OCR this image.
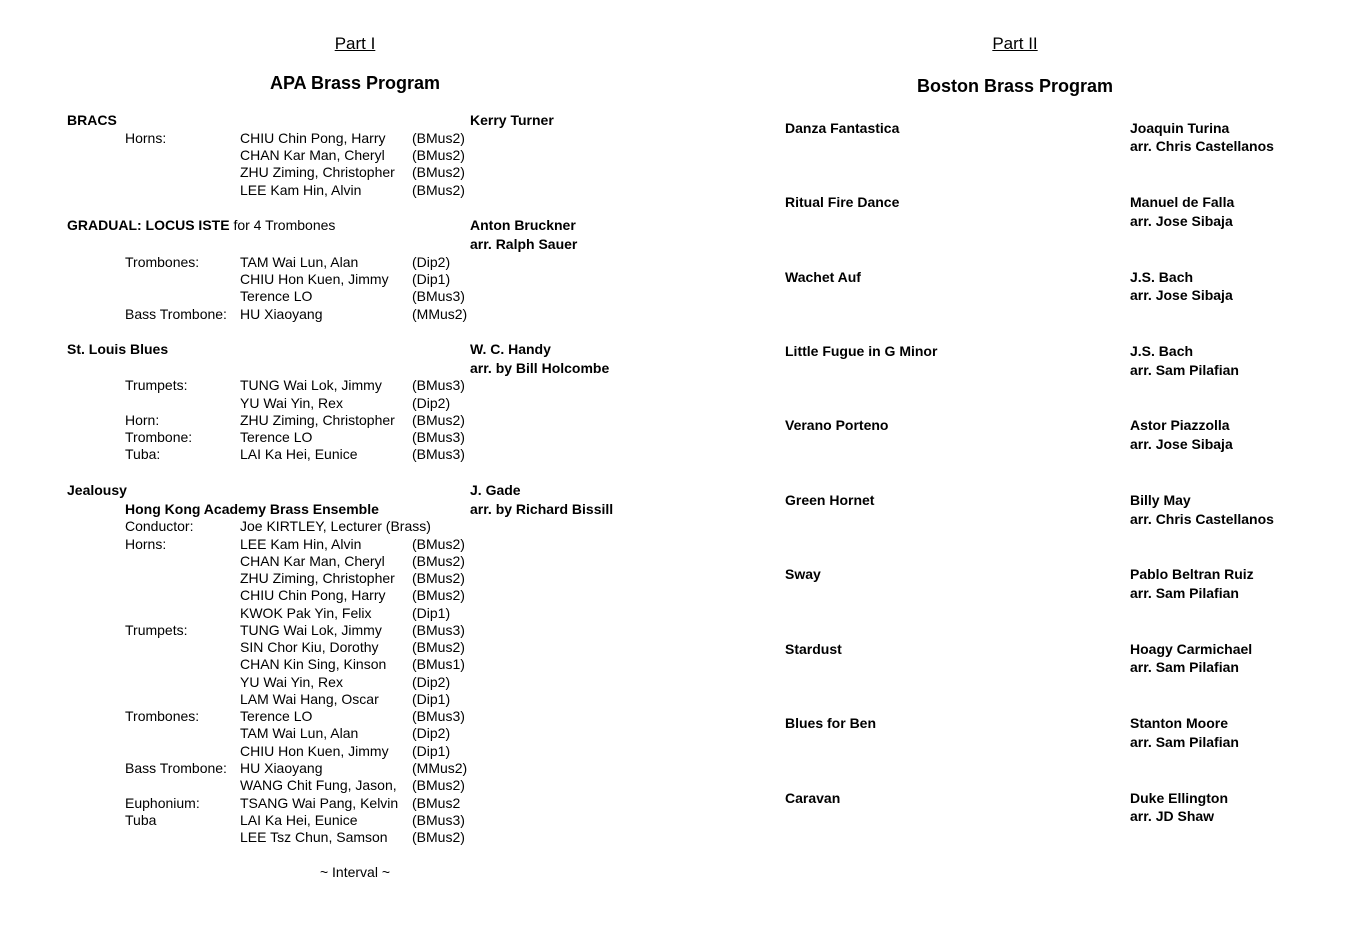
Part I
APA Brass Program
BRACS	Kerry Turner
Horns:	CHIU Chin Pong, Harry (BMus2)
CHAN Kar Man, Cheryl (BMus2)
ZHU Ziming, Christopher (BMus2)
LEE Kam Hin, Alvin	(BMus2)
GRADUAL: LOCUS ISTE for 4 Trombones	Anton Bruckner
arr. Ralph Sauer
Trombones:	TAM Wai Lun, Alan	(Dip2)
CHIU Hon Kuen, Jimmy (Dip1)
Terence LO	(BMus3)
Bass Trombone: HU Xiaoyang	(MMus2)
St. Louis Blues	W. C. Handy
arr. by Bill Holcombe
Trumpets:	TUNG Wai Lok, Jimmy (BMus3)
YU Wai Yin, Rex	(Dip2)
Horn:	ZHU Ziming, Christopher (BMus2)
Trombone:	Terence LO	(BMus3)
Tuba:	LAI Ka Hei, Eunice	(BMus3)
Jealousy	J. Gade
Hong Kong Academy Brass Ensemble	arr. by Richard Bissill
Conductor:	Joe KIRTLEY, Lecturer (Brass)
Horns:	LEE Kam Hin, Alvin	(BMus2)
CHAN Kar Man, Cheryl (BMus2)
ZHU Ziming, Christopher (BMus2)
CHIU Chin Pong, Harry (BMus2)
KWOK Pak Yin, Felix	(Dip1)
Trumpets:	TUNG Wai Lok, Jimmy (BMus3)
SIN Chor Kiu, Dorothy (BMus2)
CHAN Kin Sing, Kinson (BMus1)
YU Wai Yin, Rex	(Dip2)
LAM Wai Hang, Oscar (Dip1)
Trombones:	Terence LO	(BMus3)
TAM Wai Lun, Alan	(Dip2)
CHIU Hon Kuen, Jimmy (Dip1)
Bass Trombone: HU Xiaoyang	(MMus2)
WANG Chit Fung, Jason, (BMus2)
Euphonium:	TSANG Wai Pang, Kelvin (BMus2
Tuba	LAI Ka Hei, Eunice	(BMus3)
LEE Tsz Chun, Samson (BMus2)
~ Interval ~
Part II
Boston Brass Program
Danza Fantastica	Joaquin Turina
arr. Chris Castellanos
Ritual Fire Dance	Manuel de Falla
arr. Jose Sibaja
Wachet Auf	J.S. Bach
arr. Jose Sibaja
Little Fugue in G Minor	J.S. Bach
arr. Sam Pilafian
Verano Porteno	Astor Piazzolla
arr. Jose Sibaja
Green Hornet	Billy May
arr. Chris Castellanos
Sway	Pablo Beltran Ruiz
arr. Sam Pilafian
Stardust	Hoagy Carmichael
arr. Sam Pilafian
Blues for Ben	Stanton Moore
arr. Sam Pilafian
Caravan	Duke Ellington
arr. JD Shaw
